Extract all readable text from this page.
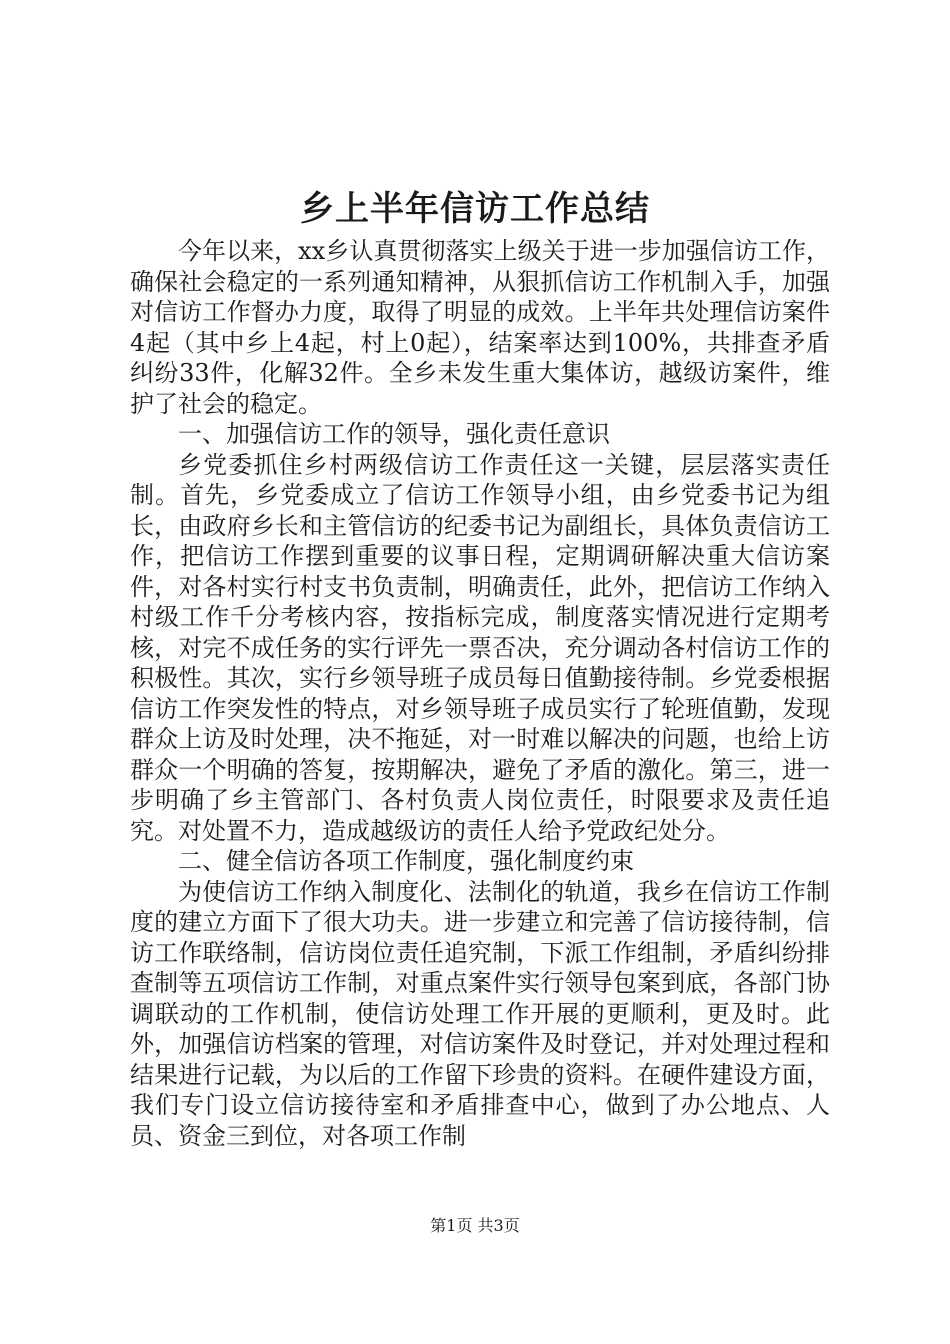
乡上半年信访工作总结

今年以来，xx乡认真贯彻落实上级关于进一步加强信访工作，确保社会稳定的一系列通知精神，从狠抓信访工作机制入手，加强对信访工作督办力度，取得了明显的成效。上半年共处理信访案件4起（其中乡上4起，村上0起），结案率达到100%，共排查矛盾纠纷33件，化解32件。全乡未发生重大集体访，越级访案件，维护了社会的稳定。

一、加强信访工作的领导，强化责任意识

乡党委抓住乡村两级信访工作责任这一关键，层层落实责任制。首先，乡党委成立了信访工作领导小组，由乡党委书记为组长，由政府乡长和主管信访的纪委书记为副组长，具体负责信访工作，把信访工作摆到重要的议事日程，定期调研解决重大信访案件，对各村实行村支书负责制，明确责任，此外，把信访工作纳入村级工作千分考核内容，按指标完成，制度落实情况进行定期考核，对完不成任务的实行评先一票否决，充分调动各村信访工作的积极性。其次，实行乡领导班子成员每日值勤接待制。乡党委根据信访工作突发性的特点，对乡领导班子成员实行了轮班值勤，发现群众上访及时处理，决不拖延，对一时难以解决的问题，也给上访群众一个明确的答复，按期解决，避免了矛盾的激化。第三，进一步明确了乡主管部门、各村负责人岗位责任，时限要求及责任追究。对处置不力，造成越级访的责任人给予党政纪处分。

二、健全信访各项工作制度，强化制度约束

为使信访工作纳入制度化、法制化的轨道，我乡在信访工作制度的建立方面下了很大功夫。进一步建立和完善了信访接待制，信访工作联络制，信访岗位责任追究制，下派工作组制，矛盾纠纷排查制等五项信访工作制，对重点案件实行领导包案到底，各部门协调联动的工作机制，使信访处理工作开展的更顺利，更及时。此外，加强信访档案的管理，对信访案件及时登记，并对处理过程和结果进行记载，为以后的工作留下珍贵的资料。在硬件建设方面，我们专门设立信访接待室和矛盾排查中心，做到了办公地点、人员、资金三到位，对各项工作制

第1页 共3页
